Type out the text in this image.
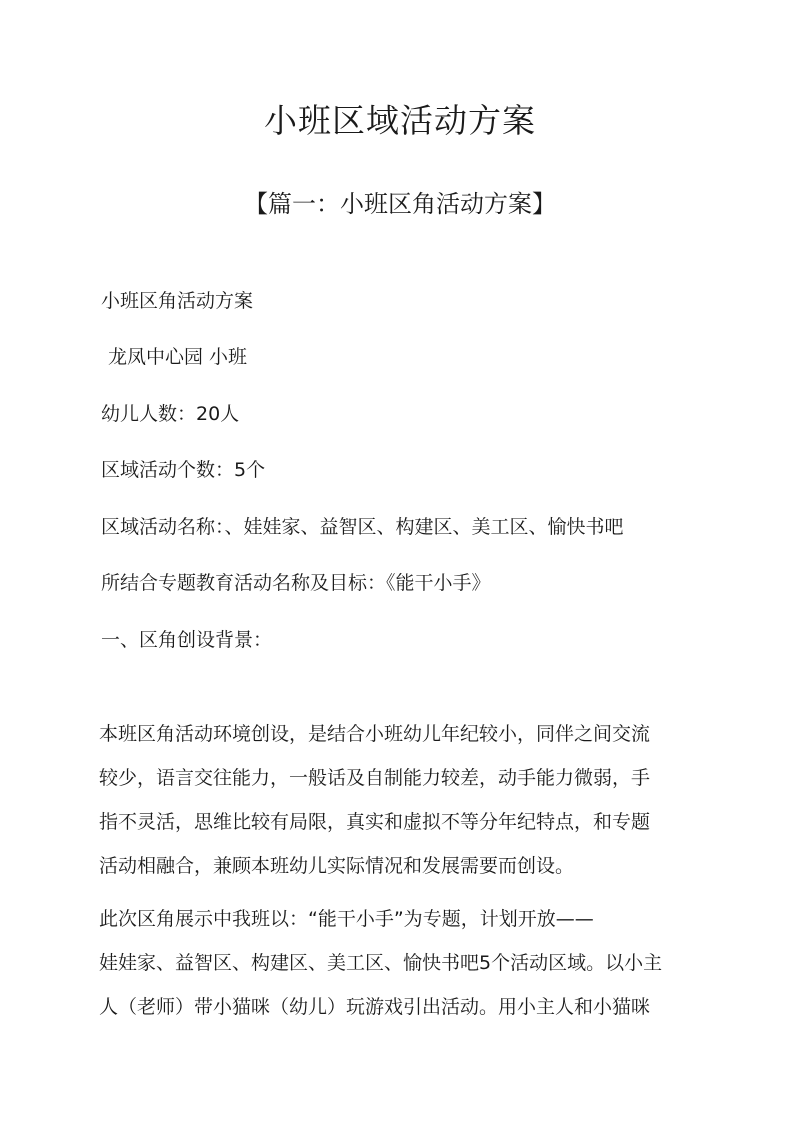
小班区域活动方案
【篇一：小班区角活动方案】
小班区角活动方案
龙凤中心园 小班
幼儿人数：20人
区域活动个数：5个
区域活动名称：、娃娃家、益智区、构建区、美工区、愉快书吧
所结合专题教育活动名称及目标：《能干小手》
一、区角创设背景：
本班区角活动环境创设，是结合小班幼儿年纪较小，同伴之间交流
较少，语言交往能力，一般话及自制能力较差，动手能力微弱，手
指不灵活，思维比较有局限，真实和虚拟不等分年纪特点，和专题
活动相融合，兼顾本班幼儿实际情况和发展需要而创设。
此次区角展示中我班以：“能干小手”为专题，计划开放——
娃娃家、益智区、构建区、美工区、愉快书吧5个活动区域。以小主
人（老师）带小猫咪（幼儿）玩游戏引出活动。用小主人和小猫咪
